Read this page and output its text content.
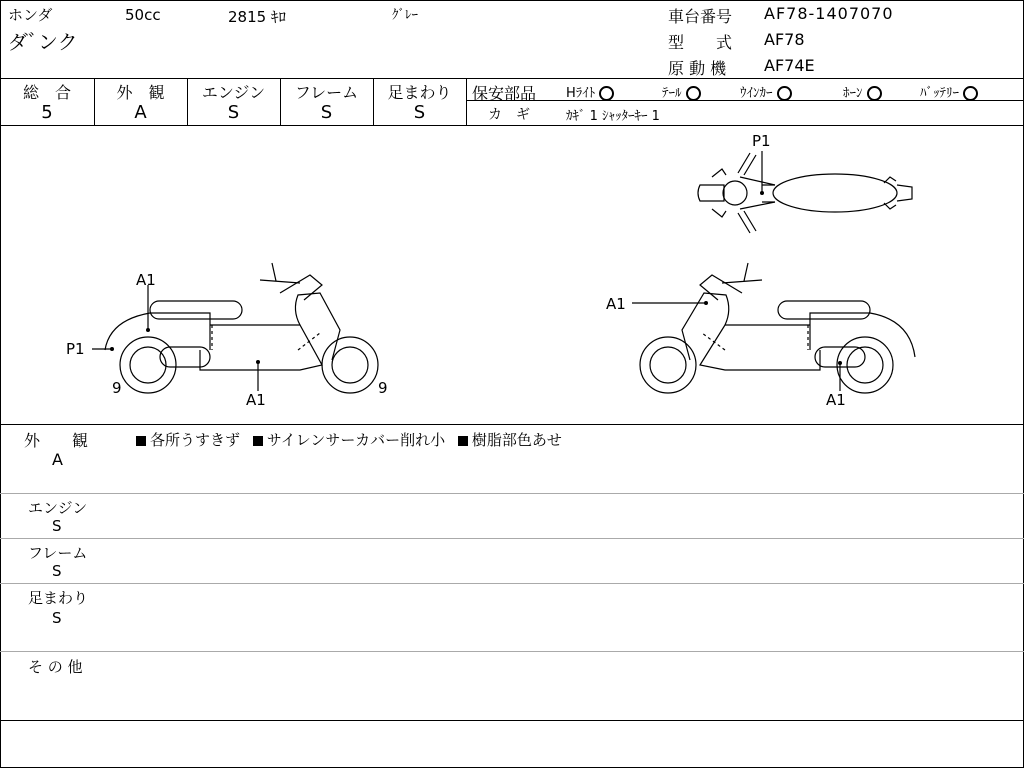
ホンダ	50cc	2815 ｷﾛ	ｸﾞﾚｰ
ダﾞンク
車台番号 AF78-1407070
型　　式 AF78
原 動 機 AF74E
総　合	外　観	エンジン	フレーム	足まわり
5	A	S	S	S
保安部品 Hﾗｲﾄ	ﾃｰﾙ	ｳｲﾝｶｰ	ﾎｰﾝ	ﾊﾞｯﾃﾘｰ
カ　ギ	ｶｷﾞ 1 ｼｬｯﾀｰｷｰ 1
P1
A1
P1
9
A1
9
A1
A1
外　　観
A
各所うすきず サイレンサーカバー削れ小 樹脂部色あせ
エンジン
S
フレーム
S
足まわり
S
そ の 他
